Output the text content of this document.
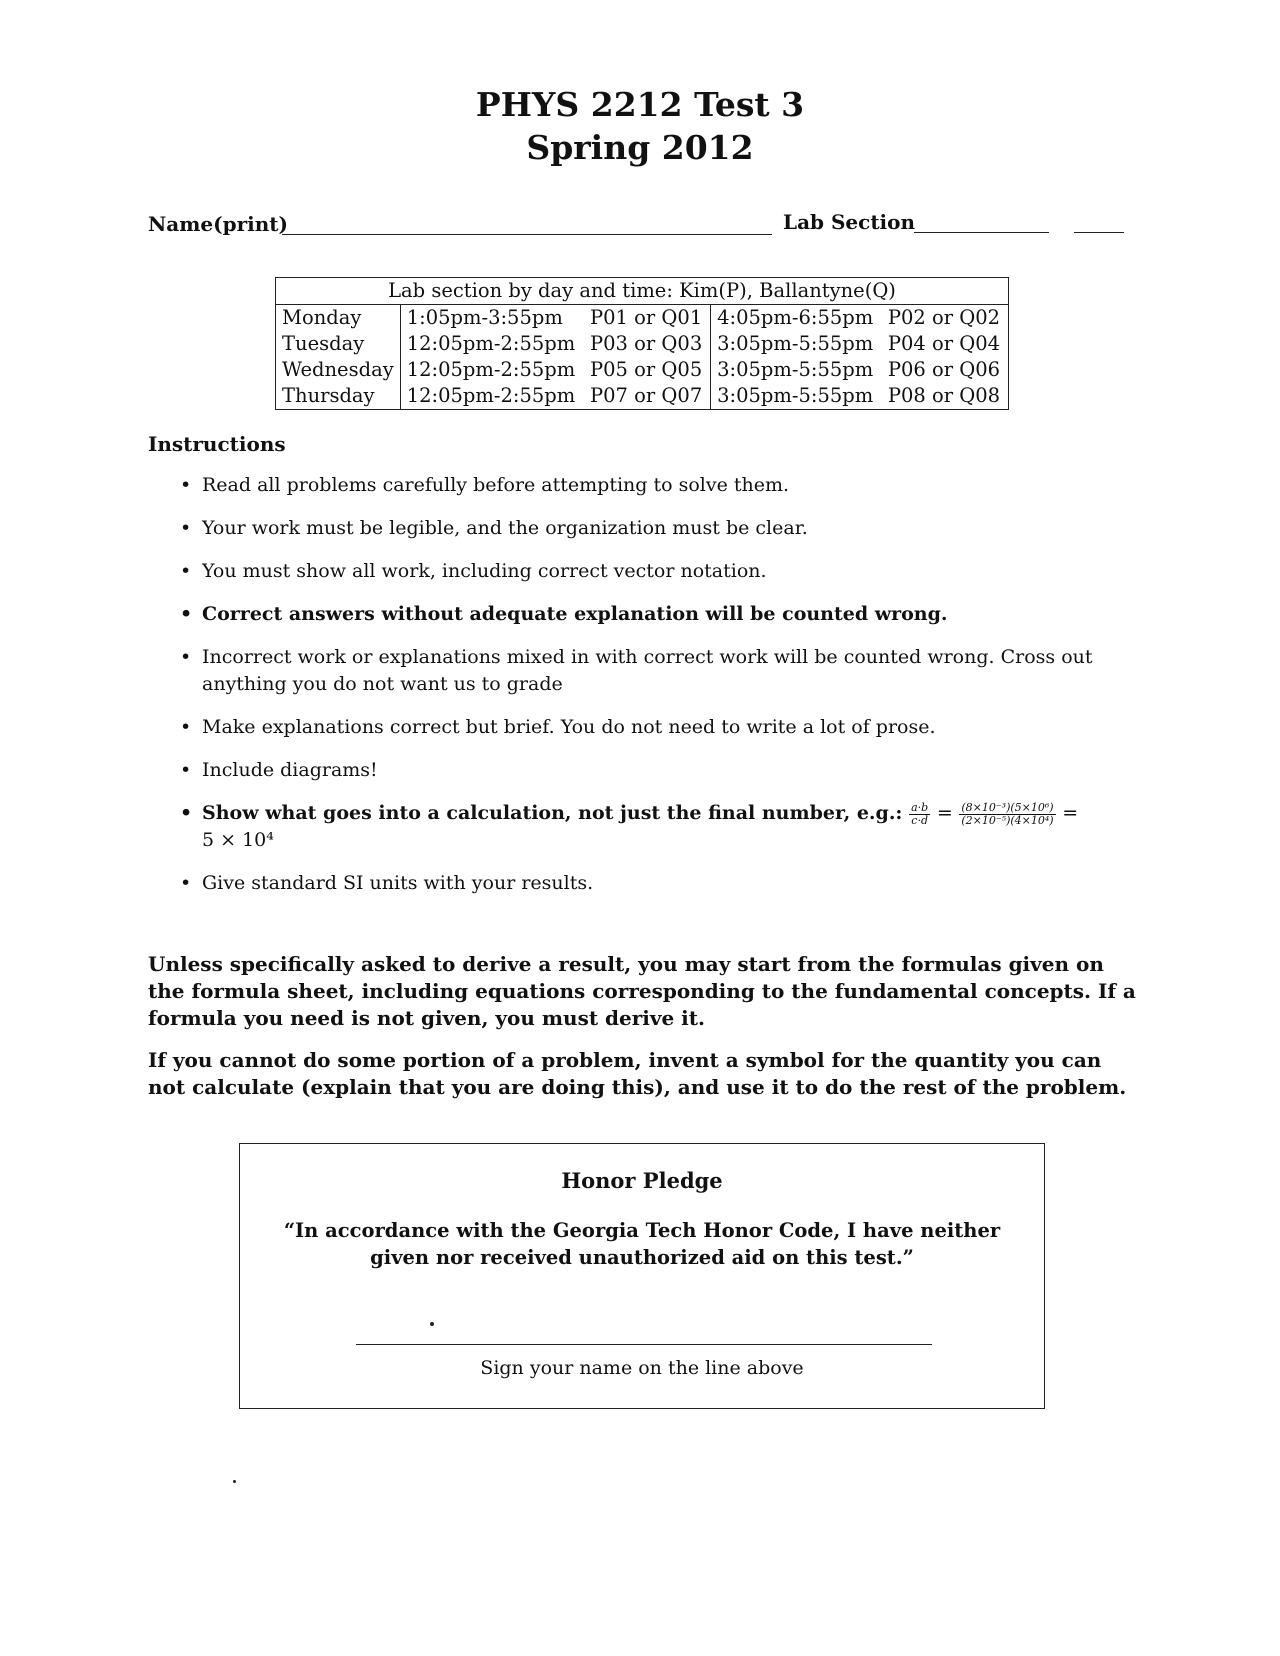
PHYS 2212 Test 3
Spring 2012
Name(print)	Lab Section
Lab section by day and time: Kim(P), Ballantyne(Q)				
Monday	1:05pm-3:55pm	P01 or Q01	4:05pm-6:55pm	P02 or Q02
Tuesday	12:05pm-2:55pm	P03 or Q03	3:05pm-5:55pm	P04 or Q04
Wednesday	12:05pm-2:55pm	P05 or Q05	3:05pm-5:55pm	P06 or Q06
Thursday	12:05pm-2:55pm	P07 or Q07	3:05pm-5:55pm	P08 or Q08
Instructions
• Read all problems carefully before attempting to solve them.
• Your work must be legible, and the organization must be clear.
• You must show all work, including correct vector notation.
• Correct answers without adequate explanation will be counted wrong.
• Incorrect work or explanations mixed in with correct work will be counted wrong. Cross out anything you do not want us to grade
• Make explanations correct but brief. You do not need to write a lot of prose.
• Include diagrams!
• Show what goes into a calculation, not just the final number, e.g.: $\frac{a\cdot b}{c\cdot d} = \frac{\text{(8×10⁻³)(5×10⁶)}}{\text{(2×10⁻⁵)(4×10⁴)}}$ =
5 × 10⁴
• Give standard SI units with your results.
Unless specifically asked to derive a result, you may start from the formulas given on the formula sheet, including equations corresponding to the fundamental concepts. If a formula you need is not given, you must derive it.
If you cannot do some portion of a problem, invent a symbol for the quantity you can not calculate (explain that you are doing this), and use it to do the rest of the problem.
Honor Pledge
“In accordance with the Georgia Tech Honor Code, I have neither given nor received unauthorized aid on this test.”
Sign your name on the line above
